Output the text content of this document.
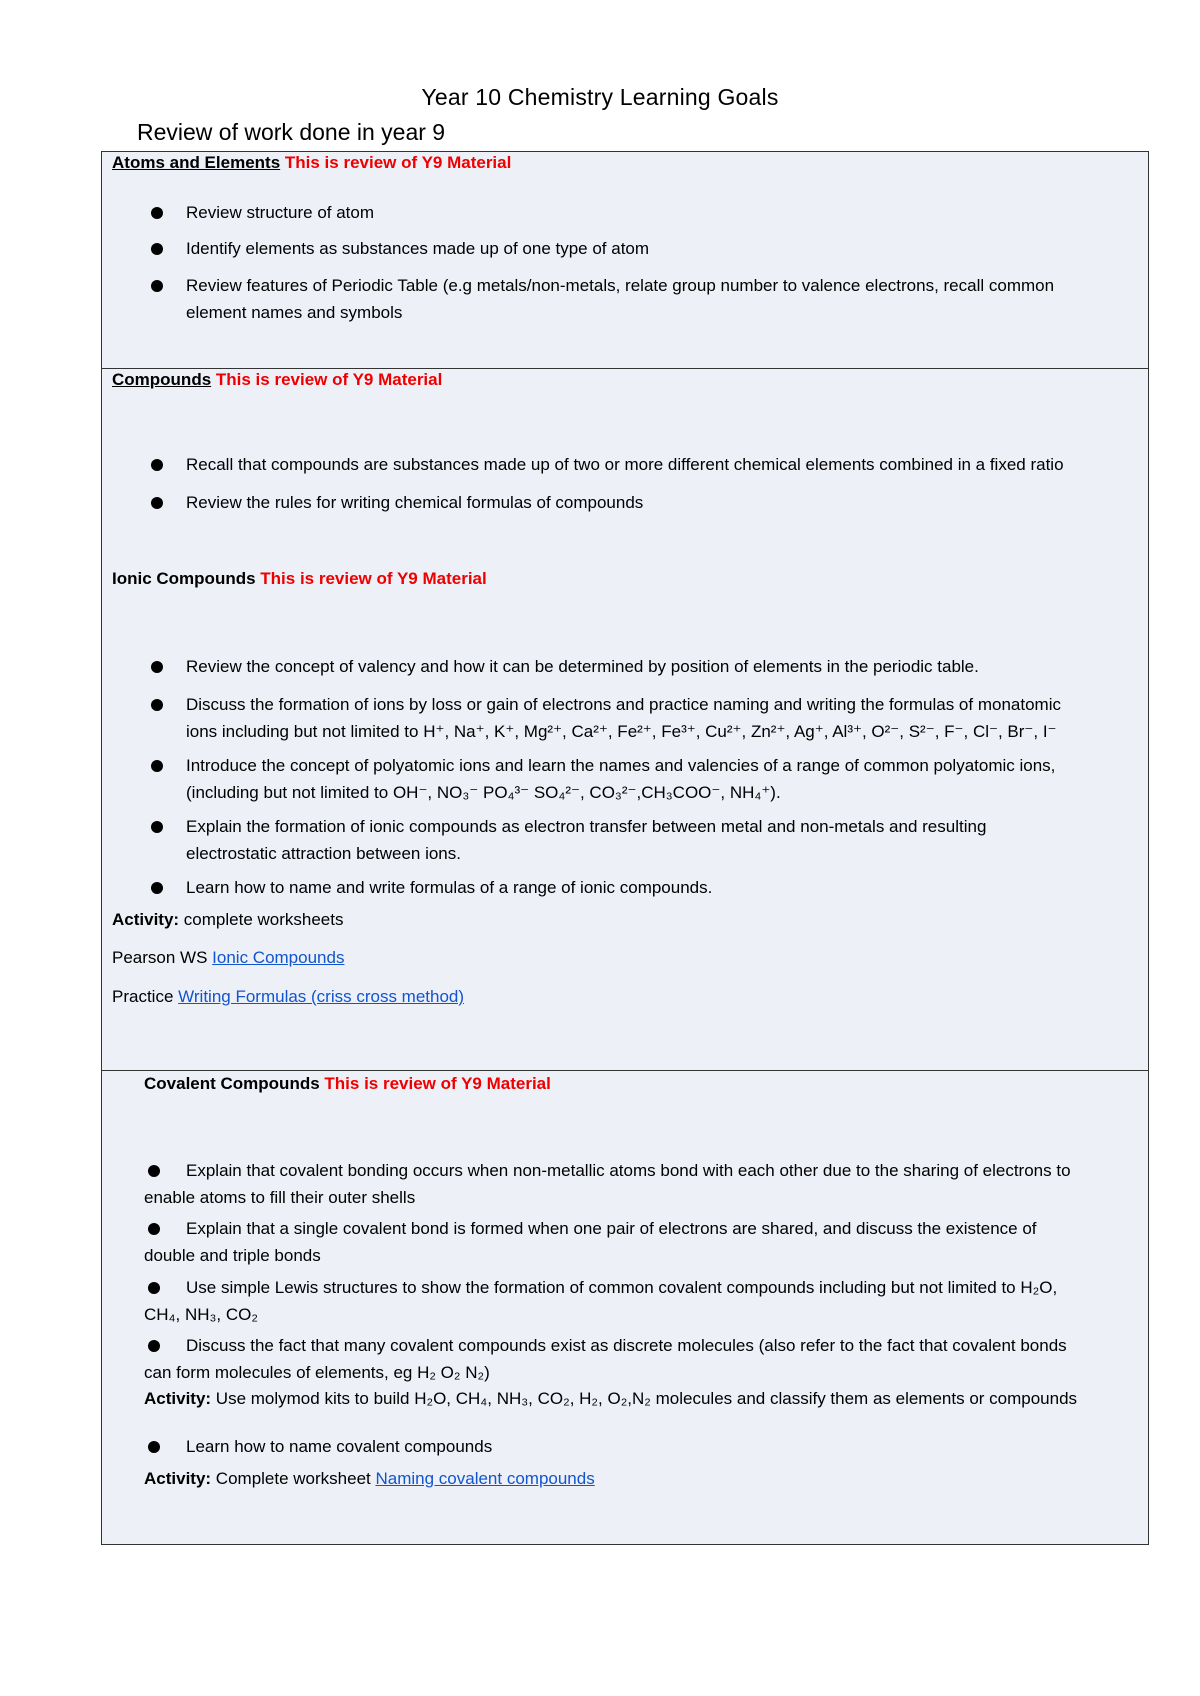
Year 10 Chemistry Learning Goals
Review of work done in year 9
Atoms and Elements This is review of Y9 Material
Review structure of atom
Identify elements as substances made up of one type of atom
Review features of Periodic Table (e.g metals/non-metals, relate group number to valence electrons, recall common
element names and symbols
Compounds This is review of Y9 Material
Recall that compounds are substances made up of two or more different chemical elements combined in a fixed ratio
Review the rules for writing chemical formulas of compounds
Ionic Compounds This is review of Y9 Material
Review the concept of valency and how it can be determined by position of elements in the periodic table.
Discuss the formation of ions by loss or gain of electrons and practice naming and writing the formulas of monatomic
ions including but not limited to H⁺, Na⁺, K⁺, Mg²⁺, Ca²⁺, Fe²⁺, Fe³⁺, Cu²⁺, Zn²⁺, Ag⁺, Al³⁺, O²⁻, S²⁻, F⁻, Cl⁻, Br⁻, I⁻
Introduce the concept of polyatomic ions and learn the names and valencies of a range of common polyatomic ions,
(including but not limited to OH⁻, NO₃⁻ PO₄³⁻ SO₄²⁻, CO₃²⁻,CH₃COO⁻, NH₄⁺).
Explain the formation of ionic compounds as electron transfer between metal and non-metals and resulting
electrostatic attraction between ions.
Learn how to name and write formulas of a range of ionic compounds.
Activity: complete worksheets
Pearson WS Ionic Compounds
Practice Writing Formulas (criss cross method)
Covalent Compounds This is review of Y9 Material
Explain that covalent bonding occurs when non-metallic atoms bond with each other due to the sharing of electrons to
enable atoms to fill their outer shells
Explain that a single covalent bond is formed when one pair of electrons are shared, and discuss the existence of
double and triple bonds
Use simple Lewis structures to show the formation of common covalent compounds including but not limited to H₂O,
CH₄, NH₃, CO₂
Discuss the fact that many covalent compounds exist as discrete molecules (also refer to the fact that covalent bonds
can form molecules of elements, eg H₂ O₂ N₂)
Activity: Use molymod kits to build H₂O, CH₄, NH₃, CO₂, H₂, O₂,N₂ molecules and classify them as elements or compounds
Learn how to name covalent compounds
Activity: Complete worksheet Naming covalent compounds
